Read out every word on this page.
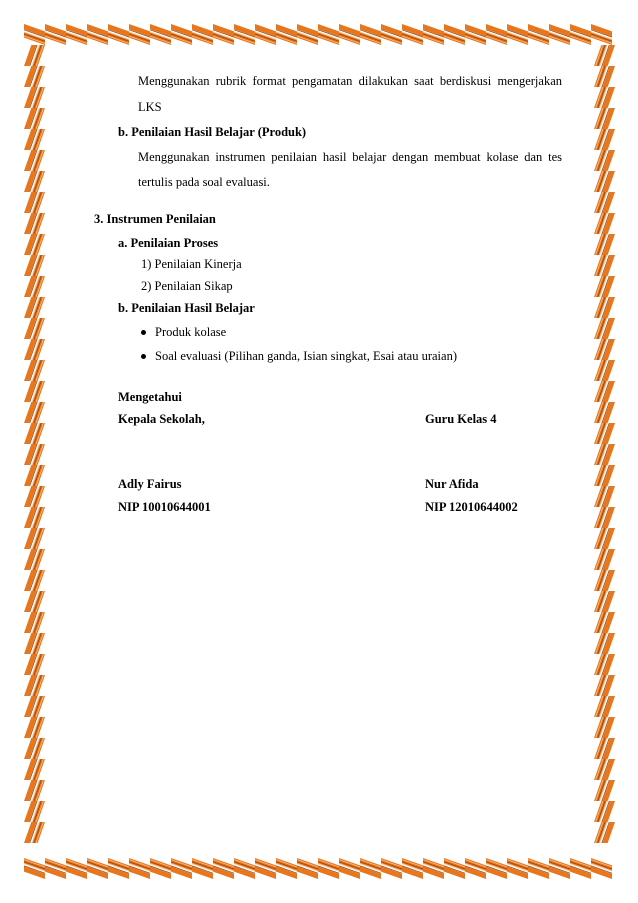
Menggunakan rubrik format pengamatan dilakukan saat berdiskusi mengerjakan
LKS
b. Penilaian Hasil Belajar (Produk)
Menggunakan instrumen penilaian hasil belajar dengan membuat kolase dan tes
tertulis pada soal evaluasi.
3. Instrumen Penilaian
a. Penilaian Proses
1) Penilaian Kinerja
2) Penilaian Sikap
b. Penilaian Hasil Belajar
Produk kolase
Soal evaluasi (Pilihan ganda, Isian singkat, Esai atau uraian)
Mengetahui
Kepala Sekolah,	Guru Kelas 4
Adly Fairus	Nur Afida
NIP 10010644001	NIP 12010644002
